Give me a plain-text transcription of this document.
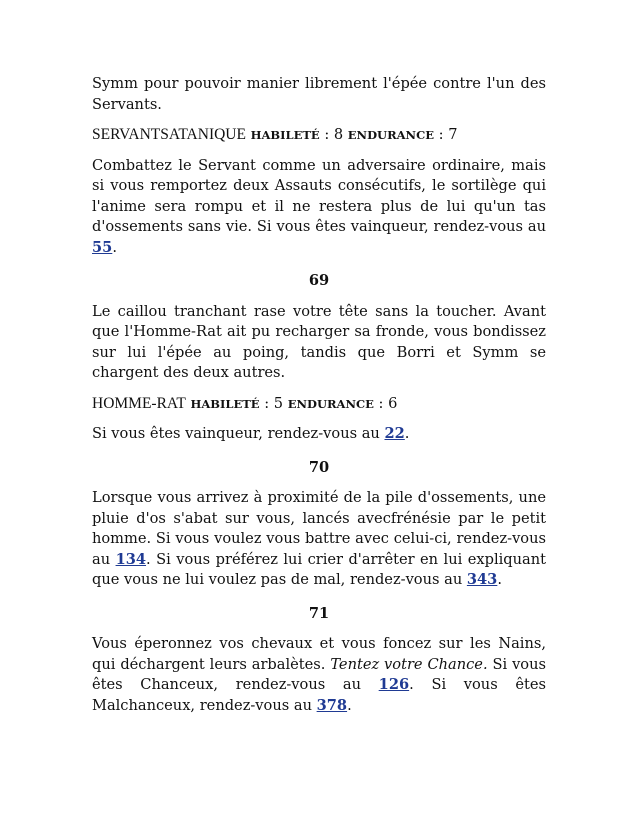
Symm pour pouvoir manier librement l'épée contre l'un des Servants.

SERVANTSATANIQUE HABILETÉ : 8 ENDURANCE : 7

Combattez le Servant comme un adversaire ordinaire, mais si vous remportez deux Assauts consécutifs, le sortilège qui l'anime sera rompu et il ne restera plus de lui qu'un tas d'ossements sans vie. Si vous êtes vainqueur, rendez-vous au 55.

69

Le caillou tranchant rase votre tête sans la toucher. Avant que l'Homme-Rat ait pu recharger sa fronde, vous bondissez sur lui l'épée au poing, tandis que Borri et Symm se chargent des deux autres.

HOMME-RAT HABILETÉ : 5 ENDURANCE : 6

Si vous êtes vainqueur, rendez-vous au 22.

70

Lorsque vous arrivez à proximité de la pile d'ossements, une pluie d'os s'abat sur vous, lancés avecfrénésie par le petit homme. Si vous voulez vous battre avec celui-ci, rendez-vous au 134. Si vous préférez lui crier d'arrêter en lui expliquant que vous ne lui voulez pas de mal, rendez-vous au 343.

71

Vous éperonnez vos chevaux et vous foncez sur les Nains, qui déchargent leurs arbalètes. Tentez votre Chance. Si vous êtes Chanceux, rendez-vous au 126. Si vous êtes Malchanceux, rendez-vous au 378.
